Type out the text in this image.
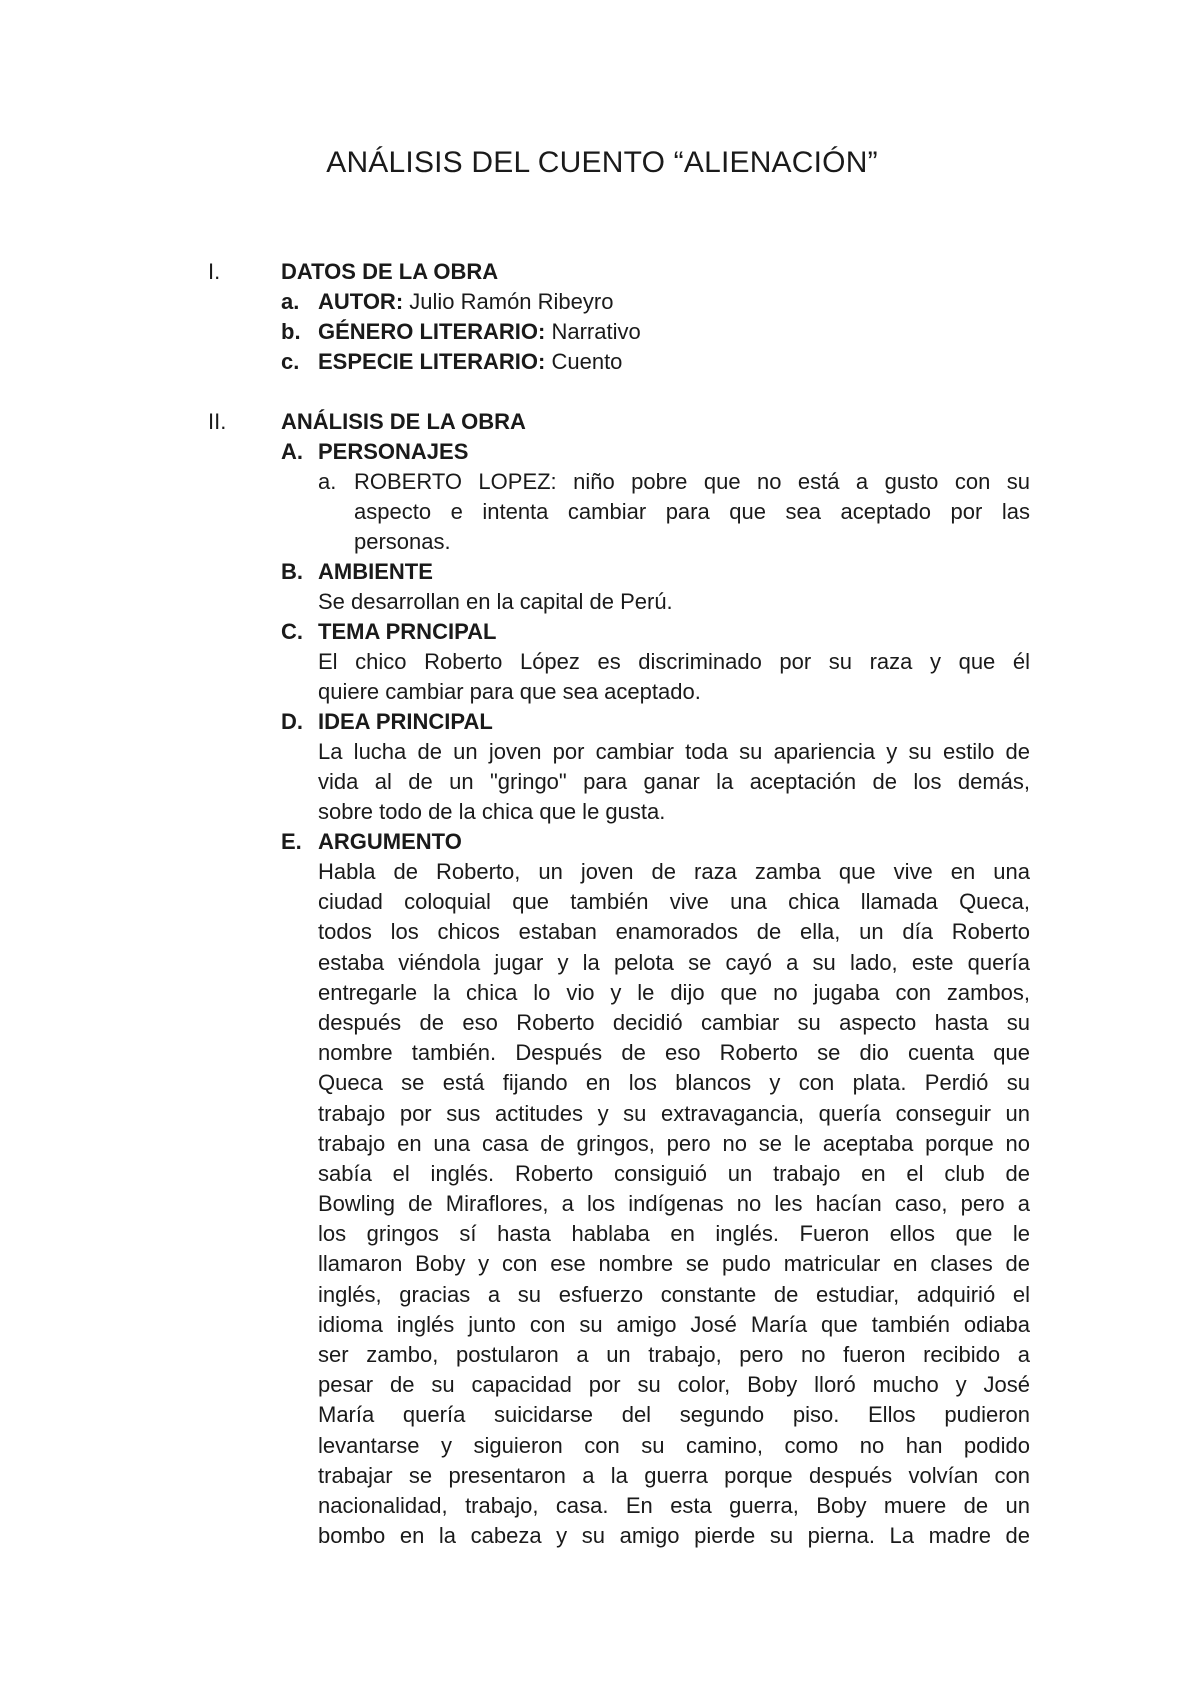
ANÁLISIS DEL CUENTO “ALIENACIÓN”
I.	DATOS DE LA OBRA
a. AUTOR: Julio Ramón Ribeyro
b. GÉNERO LITERARIO: Narrativo
c. ESPECIE LITERARIO: Cuento
II. ANÁLISIS DE LA OBRA
A. PERSONAJES
a. ROBERTO LOPEZ: niño pobre que no está a gusto con su
aspecto e intenta cambiar para que sea aceptado por las
personas.
B. AMBIENTE
Se desarrollan en la capital de Perú.
C. TEMA PRNCIPAL
El chico Roberto López es discriminado por su raza y que él
quiere cambiar para que sea aceptado.
D. IDEA PRINCIPAL
La lucha de un joven por cambiar toda su apariencia y su estilo de
vida al de un "gringo" para ganar la aceptación de los demás,
sobre todo de la chica que le gusta.
E. ARGUMENTO
Habla de Roberto, un joven de raza zamba que vive en una
ciudad coloquial que también vive una chica llamada Queca,
todos los chicos estaban enamorados de ella, un día Roberto
estaba viéndola jugar y la pelota se cayó a su lado, este quería
entregarle la chica lo vio y le dijo que no jugaba con zambos,
después de eso Roberto decidió cambiar su aspecto hasta su
nombre también. Después de eso Roberto se dio cuenta que
Queca se está fijando en los blancos y con plata. Perdió su
trabajo por sus actitudes y su extravagancia, quería conseguir un
trabajo en una casa de gringos, pero no se le aceptaba porque no
sabía el inglés. Roberto consiguió un trabajo en el club de
Bowling de Miraflores, a los indígenas no les hacían caso, pero a
los gringos sí hasta hablaba en inglés. Fueron ellos que le
llamaron Boby y con ese nombre se pudo matricular en clases de
inglés, gracias a su esfuerzo constante de estudiar, adquirió el
idioma inglés junto con su amigo José María que también odiaba
ser zambo, postularon a un trabajo, pero no fueron recibido a
pesar de su capacidad por su color, Boby lloró mucho y José
María quería suicidarse del segundo piso. Ellos pudieron
levantarse y siguieron con su camino, como no han podido
trabajar se presentaron a la guerra porque después volvían con
nacionalidad, trabajo, casa. En esta guerra, Boby muere de un
bombo en la cabeza y su amigo pierde su pierna. La madre de
